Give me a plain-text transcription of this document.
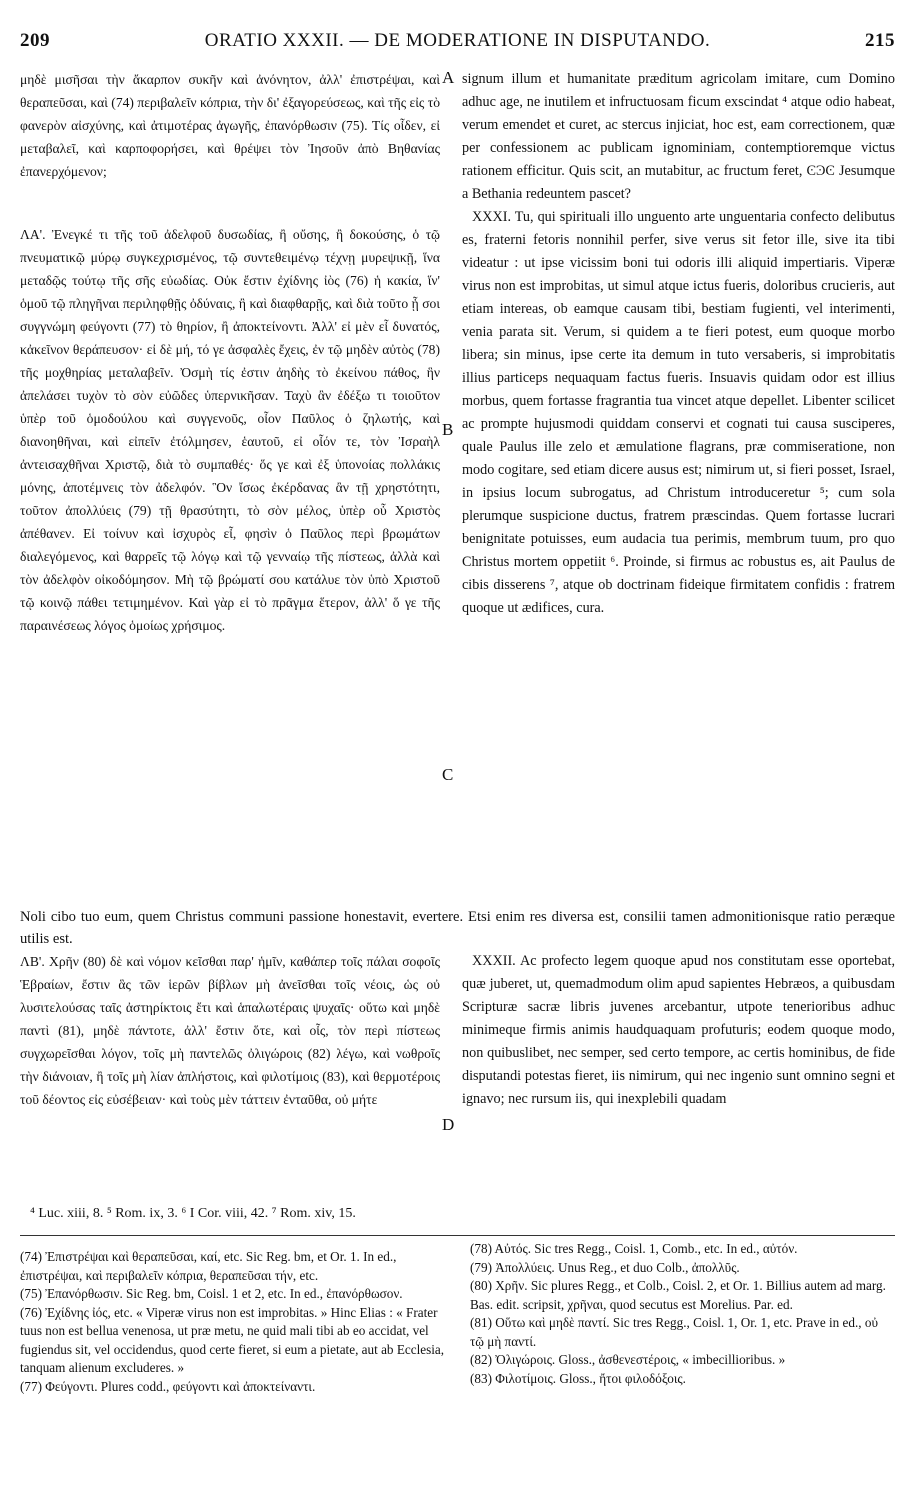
209	ORATIO XXXII. — DE MODERATIONE IN DISPUTANDO.	215

μηδὲ μισῆσαι τὴν ἄκαρπον συκῆν καὶ ἀνόνητον, ἀλλ' ἐπιστρέψαι, καὶ θεραπεῦσαι, καὶ (74) περιβαλεῖν κόπρια, τὴν δι' ἐξαγορεύσεως, καὶ τῆς εἰς τὸ φανερὸν αἰσχύνης, καὶ ἀτιμοτέρας ἀγωγῆς, ἐπανόρθωσιν (75). Τίς οἶδεν, εἰ μεταβαλεῖ, καὶ καρποφορήσει, καὶ θρέψει τὸν Ἰησοῦν ἀπὸ Βηθανίας ἐπανερχόμενον;

ΛΑ'. Ἐνεγκέ τι τῆς τοῦ ἀδελφοῦ δυσωδίας, ἢ οὔσης, ἢ δοκούσης, ὁ τῷ πνευματικῷ μύρῳ συγκεχρισμένος, τῷ συντεθειμένῳ τέχνῃ μυρεψικῇ, ἵνα μεταδῷς τούτῳ τῆς σῆς εὐωδίας. Οὐκ ἔστιν ἐχίδνης ἰὸς (76) ἡ κακία, ἵν' ὁμοῦ τῷ πληγῆναι περιληφθῇς ὀδύναις, ἢ καὶ διαφθαρῇς, καὶ διὰ τοῦτο ᾖ σοι συγγνώμη φεύγοντι (77) τὸ θηρίον, ἢ ἀποκτείνοντι. Ἀλλ' εἰ μὲν εἶ δυνατός, κἀκεῖνον θεράπευσον· εἰ δὲ μή, τό γε ἀσφαλὲς ἔχεις, ἐν τῷ μηδὲν αὐτὸς (78) τῆς μοχθηρίας μεταλαβεῖν. Ὀσμὴ τίς ἐστιν ἀηδὴς τὸ ἐκείνου πάθος, ἣν ἀπελάσει τυχὸν τὸ σὸν εὐῶδες ὑπερνικῆσαν. Ταχὺ ἂν ἐδέξω τι τοιοῦτον ὑπὲρ τοῦ ὁμοδούλου καὶ συγγενοῦς, οἷον Παῦλος ὁ ζηλωτής, καὶ διανοηθῆναι, καὶ εἰπεῖν ἐτόλμησεν, ἑαυτοῦ, εἰ οἷόν τε, τὸν Ἰσραὴλ ἀντεισαχθῆναι Χριστῷ, διὰ τὸ συμπαθές· ὅς γε καὶ ἐξ ὑπονοίας πολλάκις μόνης, ἀποτέμνεις τὸν ἀδελφόν. Ὃν ἴσως ἐκέρδανας ἂν τῇ χρηστότητι, τοῦτον ἀπολλύεις (79) τῇ θρασύτητι, τὸ σὸν μέλος, ὑπὲρ οὗ Χριστὸς ἀπέθανεν. Εἰ τοίνυν καὶ ἰσχυρὸς εἶ, φησὶν ὁ Παῦλος περὶ βρωμάτων διαλεγόμενος, καὶ θαρρεῖς τῷ λόγῳ καὶ τῷ γενναίῳ τῆς πίστεως, ἀλλὰ καὶ τὸν ἀδελφὸν οἰκοδόμησον. Μὴ τῷ βρώματί σου κατάλυε τὸν ὑπὸ Χριστοῦ τῷ κοινῷ πάθει τετιμημένον. Καὶ γὰρ εἰ τὸ πρᾶγμα ἕτερον, ἀλλ' ὅ γε τῆς παραινέσεως λόγος ὁμοίως χρήσιμος.

ΛΒ'. Χρῆν (80) δὲ καὶ νόμον κεῖσθαι παρ' ἡμῖν, καθάπερ τοῖς πάλαι σοφοῖς Ἑβραίων, ἔστιν ἃς τῶν ἱερῶν βίβλων μὴ ἀνεῖσθαι τοῖς νέοις, ὡς οὐ λυσιτελούσας ταῖς ἀστηρίκτοις ἔτι καὶ ἁπαλωτέραις ψυχαῖς· οὕτω καὶ μηδὲ παντὶ (81), μηδὲ πάντοτε, ἀλλ' ἔστιν ὅτε, καὶ οἷς, τὸν περὶ πίστεως συγχωρεῖσθαι λόγον, τοῖς μὴ παντελῶς ὀλιγώροις (82) λέγω, καὶ νωθροῖς τὴν διάνοιαν, ἢ τοῖς μὴ λίαν ἀπλήστοις, καὶ φιλοτίμοις (83), καὶ θερμοτέροις τοῦ δέοντος εἰς εὐσέβειαν· καὶ τοὺς μὲν τάττειν ἐνταῦθα, οὐ μήτε

A
B
C
D

signum illum et humanitate præditum agricolam imitare, cum Domino adhuc age, ne inutilem et infructuosam ficum exscindat ⁴ atque odio habeat, verum emendet et curet, ac stercus injiciat, hoc est, eam correctionem, quæ per confessionem ac publicam ignominiam, contemptioremque victus rationem efficitur. Quis scit, an mutabitur, ac fructum feret, ϾϿϾ Jesumque a Bethania redeuntem pascet?

XXXI. Tu, qui spirituali illo unguento arte unguentaria confecto delibutus es, fraterni fetoris nonnihil perfer, sive verus sit fetor ille, sive ita tibi videatur : ut ipse vicissim boni tui odoris illi aliquid impertiaris. Viperæ virus non est improbitas, ut simul atque ictus fueris, doloribus crucieris, aut etiam intereas, ob eamque causam tibi, bestiam fugienti, vel interimenti, venia parata sit. Verum, si quidem a te fieri potest, eum quoque morbo libera; sin minus, ipse certe ita demum in tuto versaberis, si improbitatis illius particeps nequaquam factus fueris. Insuavis quidam odor est illius morbus, quem fortasse fragrantia tua vincet atque depellet. Libenter scilicet ac prompte hujusmodi quiddam conservi et cognati tui causa susciperes, quale Paulus ille zelo et æmulatione flagrans, præ commiseratione, non modo cogitare, sed etiam dicere ausus est; nimirum ut, si fieri posset, Israel, in ipsius locum subrogatus, ad Christum introduceretur ⁵; cum sola plerumque suspicione ductus, fratrem præscindas. Quem fortasse lucrari benignitate potuisses, eum audacia tua perimis, membrum tuum, pro quo Christus mortem oppetiit ⁶. Proinde, si firmus ac robustus es, ait Paulus de cibis disserens ⁷, atque ob doctrinam fideique firmitatem confidis : fratrem quoque ut ædifices, cura.

Noli cibo tuo eum, quem Christus communi passione honestavit, evertere. Etsi enim res diversa est, consilii tamen admonitionisque ratio peræque utilis est.

XXXII. Ac profecto legem quoque apud nos constitutam esse oportebat, quæ juberet, ut, quemadmodum olim apud sapientes Hebræos, a quibusdam Scripturæ sacræ libris juvenes arcebantur, utpote tenerioribus adhuc minimeque firmis animis haudquaquam profuturis; eodem quoque modo, non quibuslibet, nec semper, sed certo tempore, ac certis hominibus, de fide disputandi potestas fieret, iis nimirum, qui nec ingenio sunt omnino segni et ignavo; nec rursum iis, qui inexplebili quadam

⁴ Luc. xiii, 8. ⁵ Rom. ix, 3. ⁶ I Cor. viii, 42. ⁷ Rom. xiv, 15.

(74) Ἐπιστρέψαι καὶ θεραπεῦσαι, καί, etc. Sic Reg. bm, et Or. 1. In ed., ἐπιστρέψαι, καὶ περιβαλεῖν κόπρια, θεραπεῦσαι τήν, etc.

(75) Ἐπανόρθωσιν. Sic Reg. bm, Coisl. 1 et 2, etc. In ed., ἐπανόρθωσον.

(76) Ἐχίδνης ἰός, etc. « Viperæ virus non est improbitas. » Hinc Elias : « Frater tuus non est bellua venenosa, ut præ metu, ne quid mali tibi ab eo accidat, vel fugiendus sit, vel occidendus, quod certe fieret, si eum a pietate, aut ab Ecclesia, tanquam alienum excluderes. »

(77) Φεύγοντι. Plures codd., φεύγοντι καὶ ἀποκτείναντι.

(78) Αὐτός. Sic tres Regg., Coisl. 1, Comb., etc. In ed., αὐτόν.

(79) Ἀπολλύεις. Unus Reg., et duo Colb., ἀπολλῦς.

(80) Χρῆν. Sic plures Regg., et Colb., Coisl. 2, et Or. 1. Billius autem ad marg. Bas. edit. scripsit, χρῆναι, quod secutus est Morelius. Par. ed.

(81) Οὕτω καὶ μηδὲ παντί. Sic tres Regg., Coisl. 1, Or. 1, etc. Prave in ed., οὐ τῷ μὴ παντί.

(82) Ὀλιγώροις. Gloss., ἀσθενεστέροις, « imbecillioribus. »

(83) Φιλοτίμοις. Gloss., ἤτοι φιλοδόξοις.
